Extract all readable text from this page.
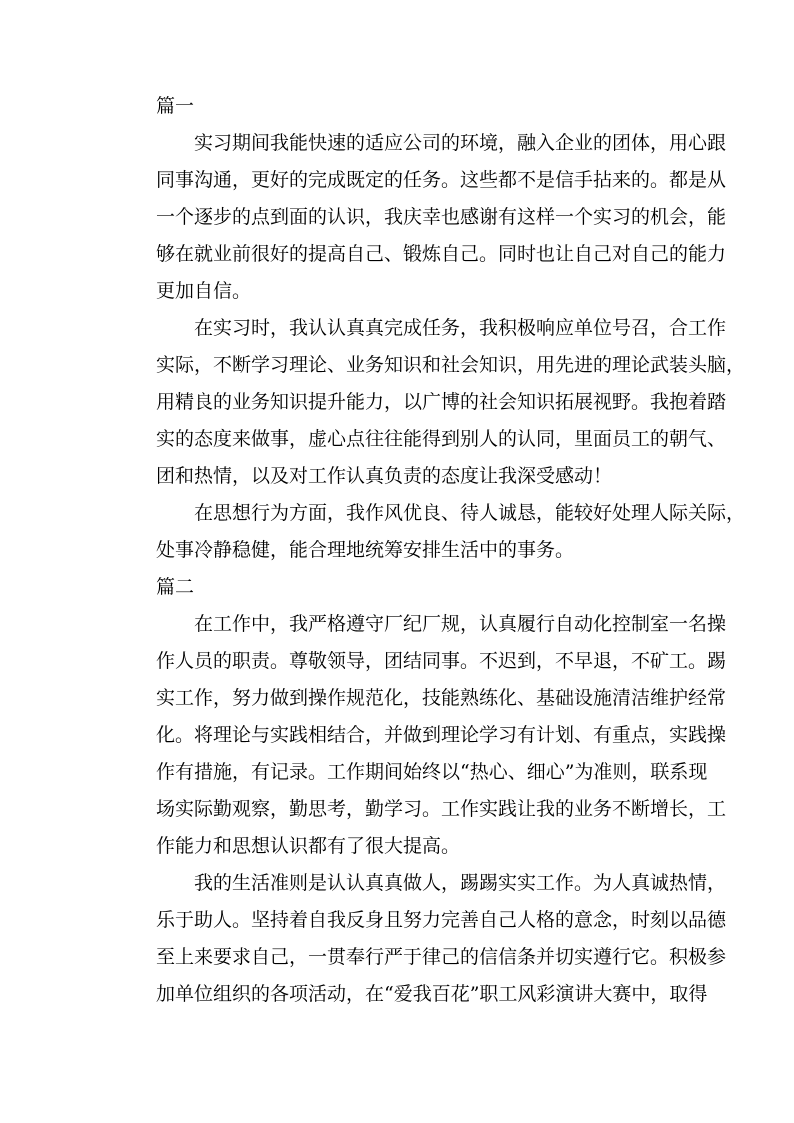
篇一
实习期间我能快速的适应公司的环境，融入企业的团体，用心跟
同事沟通，更好的完成既定的任务。这些都不是信手拈来的。都是从
一个逐步的点到面的认识，我庆幸也感谢有这样一个实习的机会，能
够在就业前很好的提高自己、锻炼自己。同时也让自己对自己的能力
更加自信。
在实习时，我认认真真完成任务，我积极响应单位号召，合工作
实际，不断学习理论、业务知识和社会知识，用先进的理论武装头脑，
用精良的业务知识提升能力，以广博的社会知识拓展视野。我抱着踏
实的态度来做事，虚心点往往能得到别人的认同，里面员工的朝气、
团和热情，以及对工作认真负责的态度让我深受感动！
在思想行为方面，我作风优良、待人诚恳，能较好处理人际关际，
处事冷静稳健，能合理地统筹安排生活中的事务。
篇二
在工作中，我严格遵守厂纪厂规，认真履行自动化控制室一名操
作人员的职责。尊敬领导，团结同事。不迟到，不早退，不矿工。踢
实工作，努力做到操作规范化，技能熟练化、基础设施清洁维护经常
化。将理论与实践相结合，并做到理论学习有计划、有重点，实践操
作有措施，有记录。工作期间始终以“热心、细心”为准则，联系现
场实际勤观察，勤思考，勤学习。工作实践让我的业务不断增长，工
作能力和思想认识都有了很大提高。
我的生活准则是认认真真做人，踢踢实实工作。为人真诚热情，
乐于助人。坚持着自我反身且努力完善自己人格的意念，时刻以品德
至上来要求自己，一贯奉行严于律己的信信条并切实遵行它。积极参
加单位组织的各项活动，在“爱我百花”职工风彩演讲大赛中，取得
